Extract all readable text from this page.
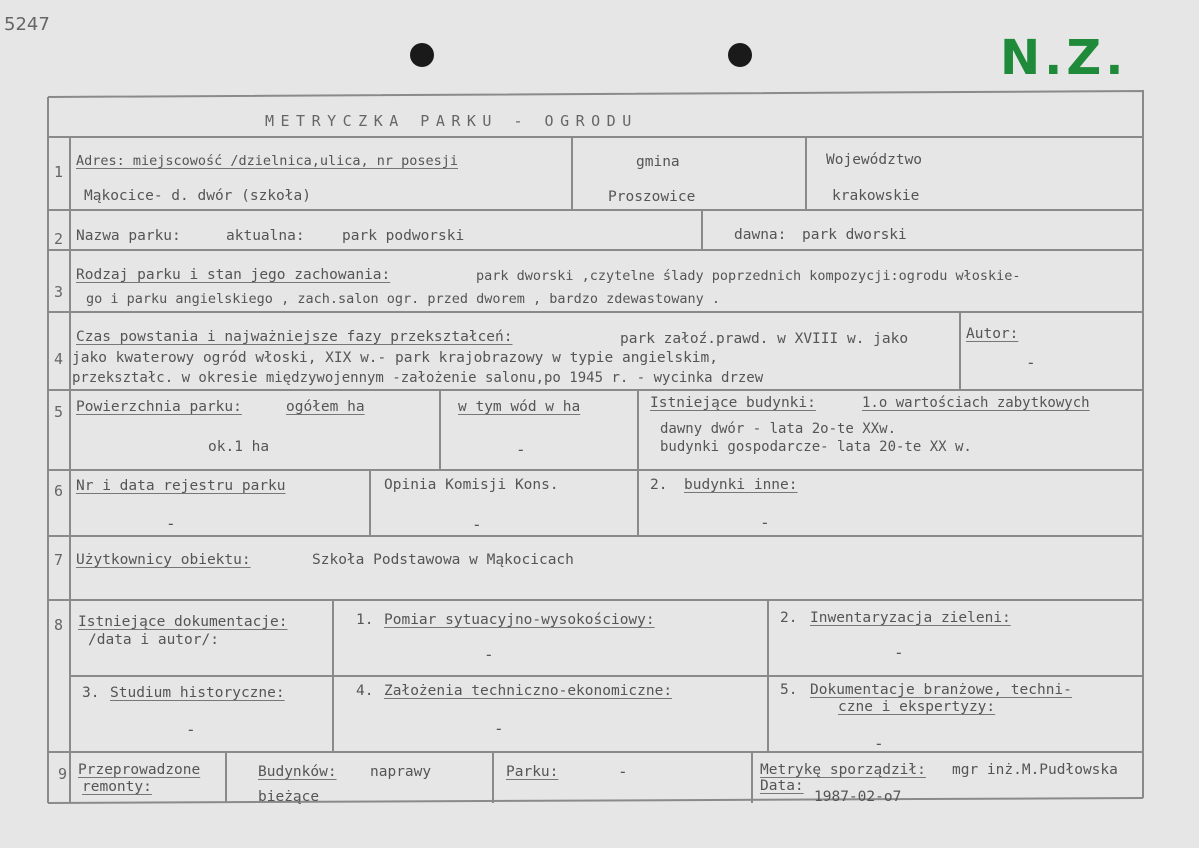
5247
N.Z.
METRYCZKA PARKU - OGRODU
1
Adres: miejscowość /dzielnica,ulica, nr posesji
Mąkocice- d. dwór (szkoła)
gmina
Proszowice
Województwo
krakowskie
2 Nazwa parku:	aktualna:	park podworski	dawna: park dworski
3
Rodzaj parku i stan jego zachowania:	park dworski ,czytelne ślady poprzednich kompozycji:ogrodu włoskie-
go i parku angielskiego , zach.salon ogr. przed dworem , bardzo zdewastowany .
4
Czas powstania i najważniejsze fazy przekształceń:	park załoź.prawd. w XVIII w. jako
jako kwaterowy ogród włoski, XIX w.- park krajobrazowy w typie angielskim,
przekształc. w okresie międzywojennym -założenie salonu,po 1945 r. - wycinka drzew
Autor:
-
5 Powierzchnia parku:	ogółem ha
ok.1 ha
w tym wód w ha
-
Istniejące budynki:	1.o wartościach zabytkowych
dawny dwór - lata 2o-te XXw.
budynki gospodarcze- lata 20-te XX w.
6 Nr i data rejestru parku
-
Opinia Komisji Kons.
-
2. budynki inne:
-
7 Użytkownicy obiektu:	Szkoła Podstawowa w Mąkocicach
8 Istniejące dokumentacje:
/data i autor/:
1. Pomiar sytuacyjno-wysokościowy:
-
2. Inwentaryzacja zieleni:
-
3. Studium historyczne:
-
4. Założenia techniczno-ekonomiczne:
-
5. Dokumentacje branżowe, techni-
czne i ekspertyzy:
-
9 Przeprowadzone
remonty:
Budynków: naprawy
bieżące
Parku:	-	Metrykę sporządził: mgr inż.M.Pudłowska
Data:
1987-02-o7
